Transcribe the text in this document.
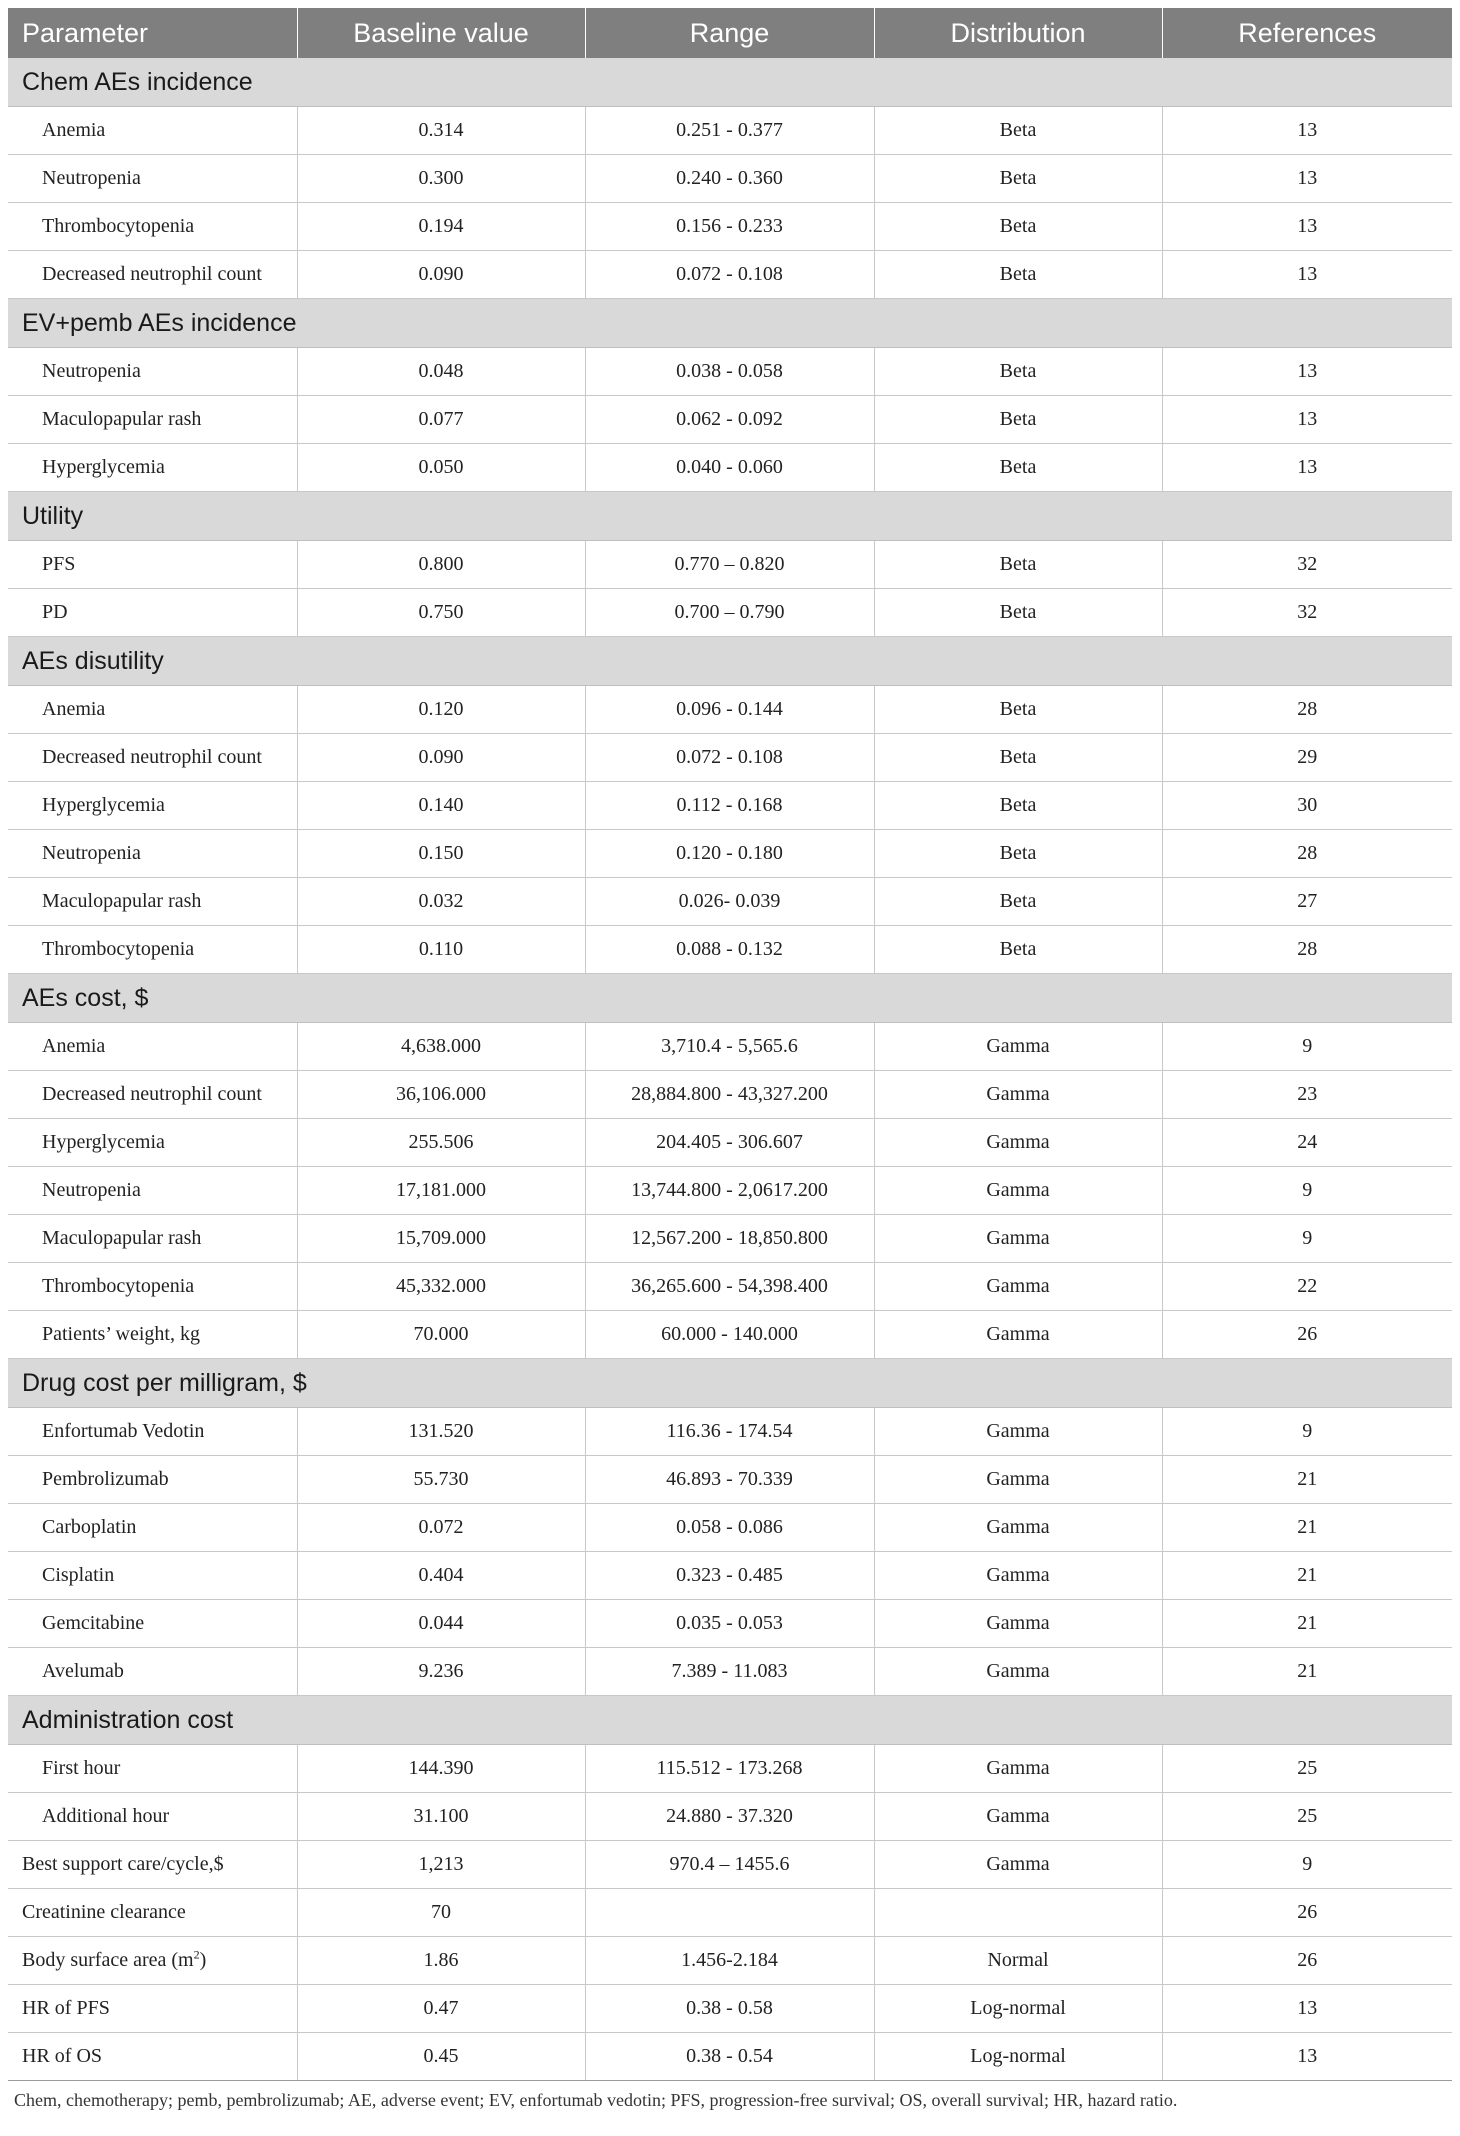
Parameter	Baseline value	Range	Distribution	References
Chem AEs incidence				
Anemia	0.314	0.251 - 0.377	Beta	13
Neutropenia	0.300	0.240 - 0.360	Beta	13
Thrombocytopenia	0.194	0.156 - 0.233	Beta	13
Decreased neutrophil count	0.090	0.072 - 0.108	Beta	13
EV+pemb AEs incidence				
Neutropenia	0.048	0.038 - 0.058	Beta	13
Maculopapular rash	0.077	0.062 - 0.092	Beta	13
Hyperglycemia	0.050	0.040 - 0.060	Beta	13
Utility				
PFS	0.800	0.770 – 0.820	Beta	32
PD	0.750	0.700 – 0.790	Beta	32
AEs disutility				
Anemia	0.120	0.096 - 0.144	Beta	28
Decreased neutrophil count	0.090	0.072 - 0.108	Beta	29
Hyperglycemia	0.140	0.112 - 0.168	Beta	30
Neutropenia	0.150	0.120 - 0.180	Beta	28
Maculopapular rash	0.032	0.026- 0.039	Beta	27
Thrombocytopenia	0.110	0.088 - 0.132	Beta	28
AEs cost, $				
Anemia	4,638.000	3,710.4 - 5,565.6	Gamma	9
Decreased neutrophil count	36,106.000	28,884.800 - 43,327.200	Gamma	23
Hyperglycemia	255.506	204.405 - 306.607	Gamma	24
Neutropenia	17,181.000	13,744.800 - 2,0617.200	Gamma	9
Maculopapular rash	15,709.000	12,567.200 - 18,850.800	Gamma	9
Thrombocytopenia	45,332.000	36,265.600 - 54,398.400	Gamma	22
Patients’ weight, kg	70.000	60.000 - 140.000	Gamma	26
Drug cost per milligram, $				
Enfortumab Vedotin	131.520	116.36 - 174.54	Gamma	9
Pembrolizumab	55.730	46.893 - 70.339	Gamma	21
Carboplatin	0.072	0.058 - 0.086	Gamma	21
Cisplatin	0.404	0.323 - 0.485	Gamma	21
Gemcitabine	0.044	0.035 - 0.053	Gamma	21
Avelumab	9.236	7.389 - 11.083	Gamma	21
Administration cost				
First hour	144.390	115.512 - 173.268	Gamma	25
Additional hour	31.100	24.880 - 37.320	Gamma	25
Best support care/cycle,$	1,213	970.4 – 1455.6	Gamma	9
Creatinine clearance	70			26
Body surface area $(m^2)$	1.86	1.456-2.184	Normal	26
HR of PFS	0.47	0.38 - 0.58	Log-normal	13
HR of OS	0.45	0.38 - 0.54	Log-normal	13
Chem, chemotherapy; pemb, pembrolizumab; AE, adverse event; EV, enfortumab vedotin; PFS, progression-free survival; OS, overall survival; HR, hazard ratio.
